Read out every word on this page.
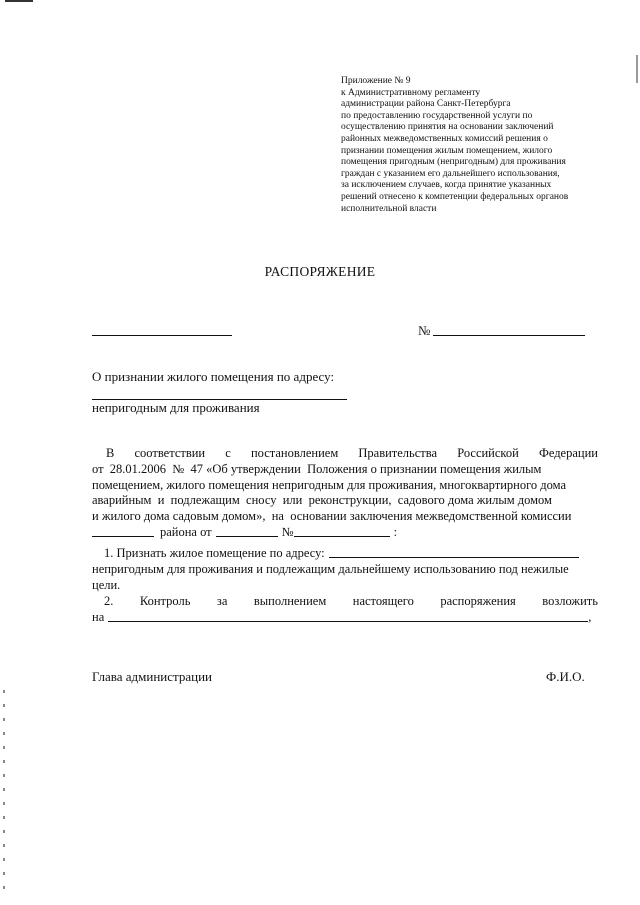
Приложение № 9
к Административному регламенту
администрации района Санкт-Петербурга
по предоставлению государственной услуги по
осуществлению принятия на основании заключений
районных межведомственных комиссий решения о
признании помещения жилым помещением, жилого
помещения пригодным (непригодным) для проживания
граждан с указанием его дальнейшего использования,
за исключением случаев, когда принятие указанных
решений отнесено к компетенции федеральных органов
исполнительной власти
РАСПОРЯЖЕНИЕ
№
О признании жилого помещения по адресу:
непригодным для проживания
В соответствии с постановлением Правительства Российской Федерации
от  28.01.2006  №  47 «Об утверждении  Положения о признании помещения жилым
помещением, жилого помещения непригодным для проживания, многоквартирного дома
аварийным  и  подлежащим  сносу  или  реконструкции,  садового дома жилым домом
и жилого дома садовым домом»,  на  основании заключения межведомственной комиссии
района от	№	:
1. Признать жилое помещение по адресу:
непригодным для проживания и подлежащим дальнейшему использованию под нежилые
цели.
2. Контроль за выполнением настоящего распоряжения возложить
на	,
Глава администрации	Ф.И.О.
